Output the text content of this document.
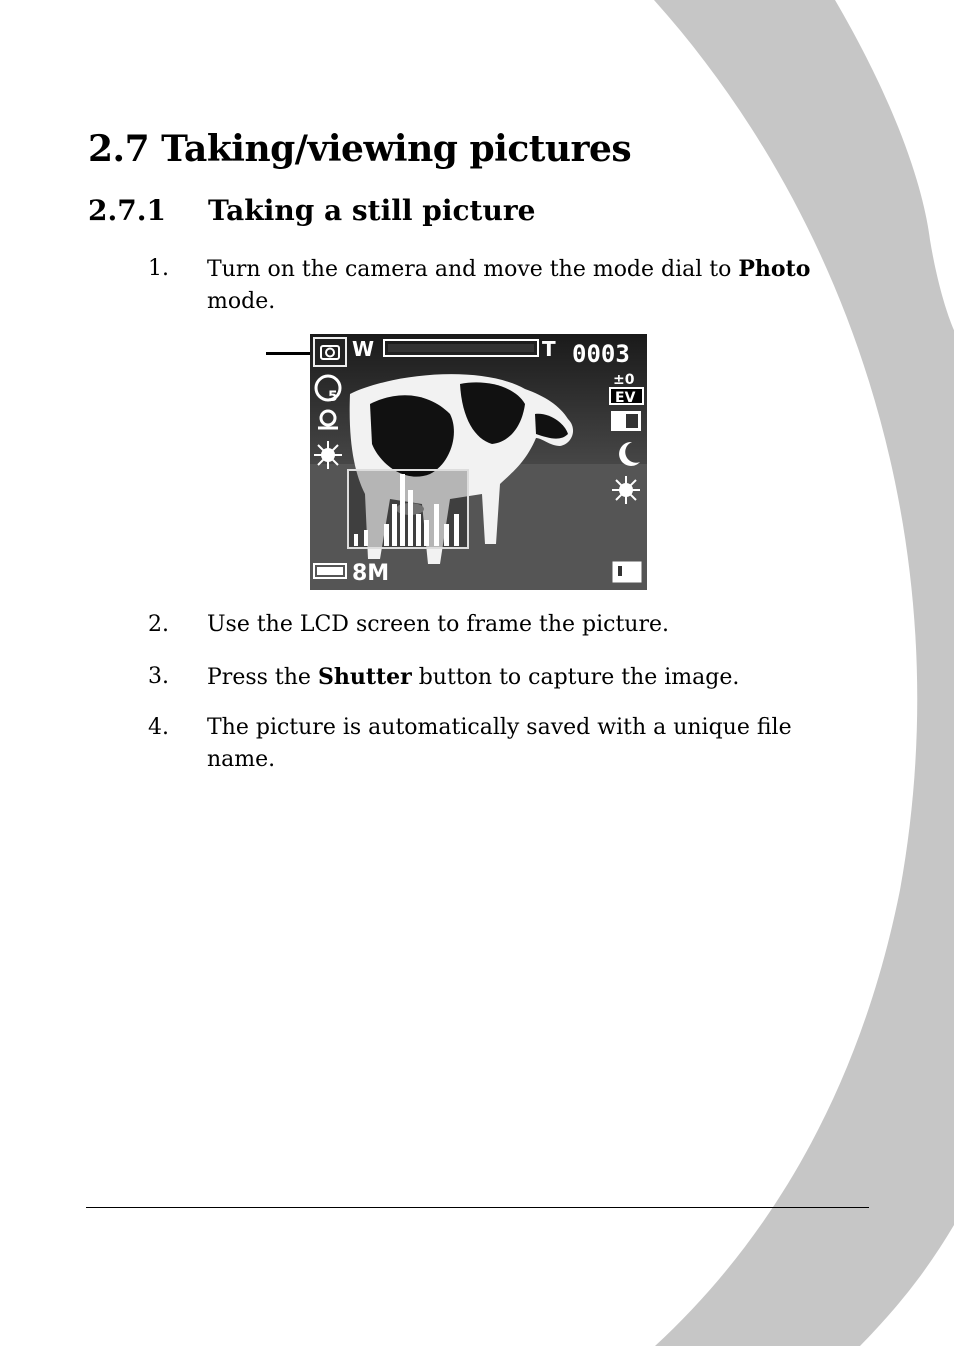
2.7 Taking/viewing pictures
2.7.1 Taking a still picture
1. Turn on the camera and move the mode dial to Photo mode.
W	T 0003
5
±0
EV
8M
2. Use the LCD screen to frame the picture.
3. Press the Shutter button to capture the image.
4. The picture is automatically saved with a unique file name.
